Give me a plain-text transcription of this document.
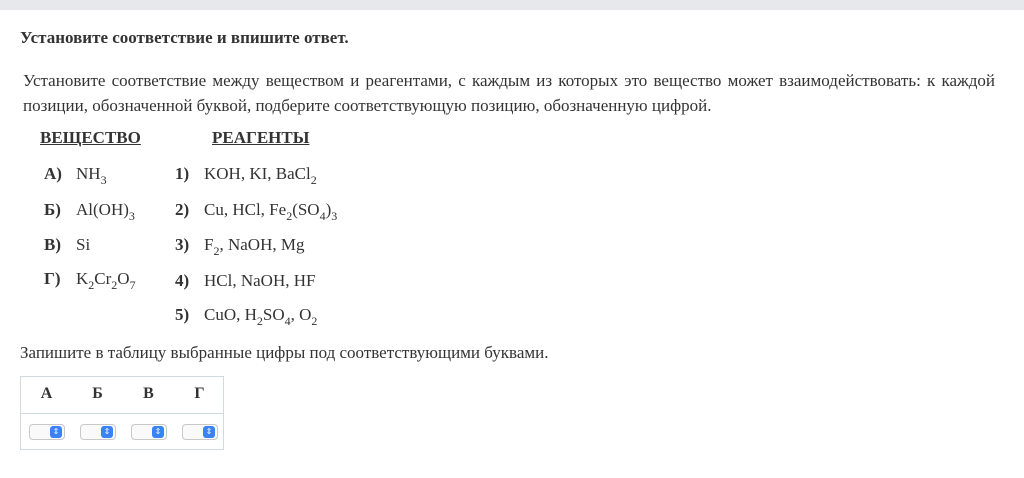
Установите соответствие и впишите ответ.
Установите соответствие между веществом и реагентами, с каждым из которых это вещество может взаимодействовать: к каждой позиции, обозначенной буквой, подберите соответствующую позицию, обозначенную цифрой.
ВЕЩЕСТВО	РЕАГЕНТЫ
А) $NH_3$
Б) $Al(OH)_3$
В) Si
Г) $K_2Cr_2O_7$
1) KOH, KI, BaCl$_2$
2) Cu, HCl, $Fe_2(SO_4)_3$
3) $F_2$, NaOH, Mg
4) HCl, NaOH, HF
5) CuO, $H_2SO_4$, $O_2$
Запишите в таблицу выбранные цифры под соответствующими буквами.
А	Б	В	Г
⇕	⇕	⇕	⇕
